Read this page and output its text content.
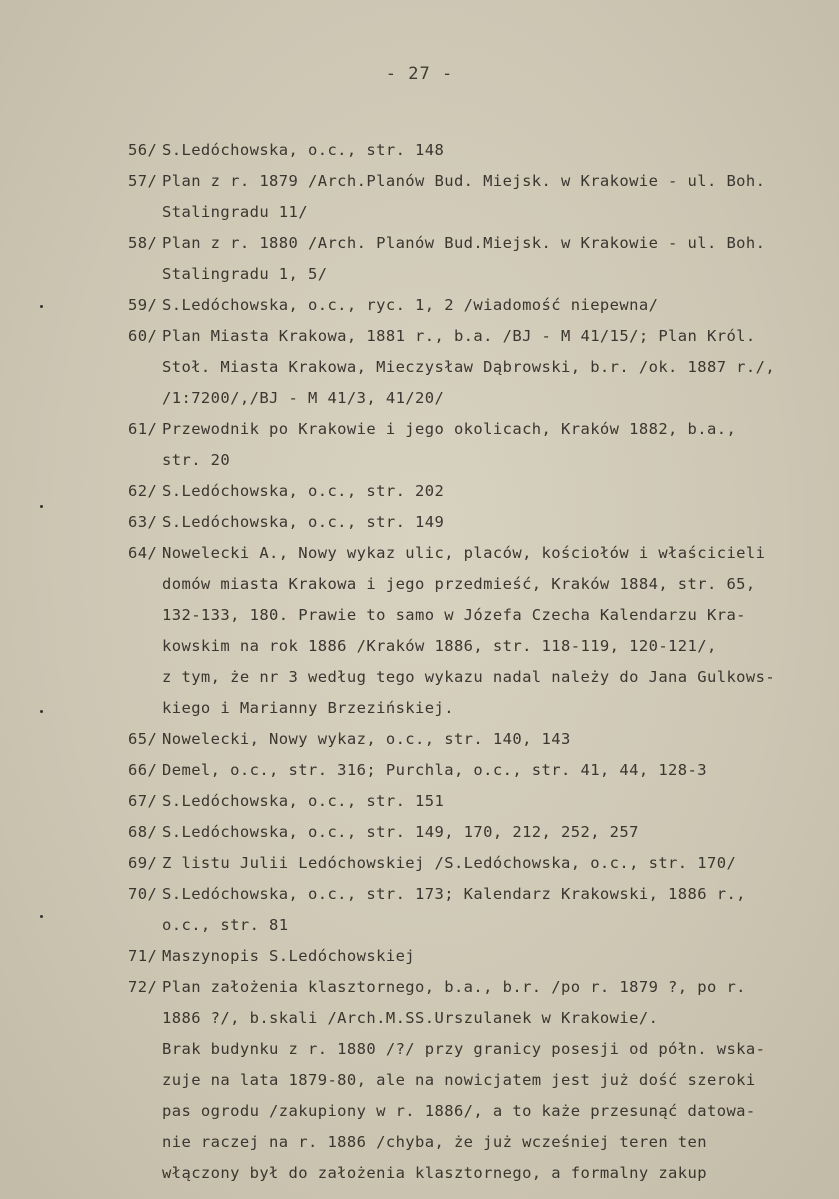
- 27 -
56/ S.Ledóchowska, o.c., str. 148
57/ Plan z r. 1879 /Arch.Planów Bud. Miejsk. w Krakowie - ul. Boh.
Stalingradu 11/
58/ Plan z r. 1880 /Arch. Planów Bud.Miejsk. w Krakowie - ul. Boh.
Stalingradu 1, 5/
59/ S.Ledóchowska, o.c., ryc. 1, 2 /wiadomość niepewna/
60/ Plan Miasta Krakowa, 1881 r., b.a. /BJ - M 41/15/; Plan Król.
Stoł. Miasta Krakowa, Mieczysław Dąbrowski, b.r. /ok. 1887 r./,
/1:7200/,/BJ - M 41/3, 41/20/
61/ Przewodnik po Krakowie i jego okolicach, Kraków 1882, b.a.,
str. 20
62/ S.Ledóchowska, o.c., str. 202
63/ S.Ledóchowska, o.c., str. 149
64/ Nowelecki A., Nowy wykaz ulic, placów, kościołów i właścicieli
domów miasta Krakowa i jego przedmieść, Kraków 1884, str. 65,
132-133, 180. Prawie to samo w Józefa Czecha Kalendarzu Kra-
kowskim na rok 1886 /Kraków 1886, str. 118-119, 120-121/,
z tym, że nr 3 według tego wykazu nadal należy do Jana Gulkows-
kiego i Marianny Brzezińskiej.
65/ Nowelecki, Nowy wykaz, o.c., str. 140, 143
66/ Demel, o.c., str. 316; Purchla, o.c., str. 41, 44, 128-3
67/ S.Ledóchowska, o.c., str. 151
68/ S.Ledóchowska, o.c., str. 149, 170, 212, 252, 257
69/ Z listu Julii Ledóchowskiej /S.Ledóchowska, o.c., str. 170/
70/ S.Ledóchowska, o.c., str. 173; Kalendarz Krakowski, 1886 r.,
o.c., str. 81
71/ Maszynopis S.Ledóchowskiej
72/ Plan założenia klasztornego, b.a., b.r. /po r. 1879 ?, po r.
1886 ?/, b.skali /Arch.M.SS.Urszulanek w Krakowie/.
Brak budynku z r. 1880 /?/ przy granicy posesji od półn. wska-
zuje na lata 1879-80, ale na nowicjatem jest już dość szeroki
pas ogrodu /zakupiony w r. 1886/, a to każe przesunąć datowa-
nie raczej na r. 1886 /chyba, że już wcześniej teren ten
włączony był do założenia klasztornego, a formalny zakup
